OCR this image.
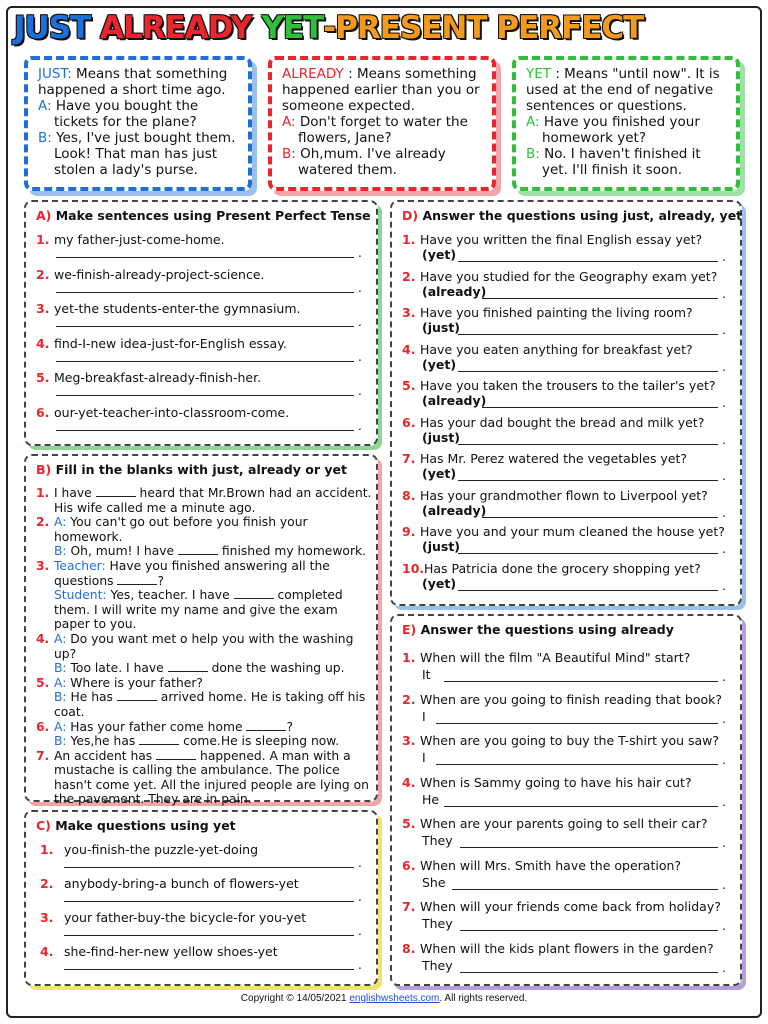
JUST ALREADY YET-PRESENT PERFECT

JUST: Means that something happened a short time ago.

A: Have you bought the

tickets for the plane?

B: Yes, I've just bought them.

Look! That man has just

stolen a lady's purse.

ALREADY : Means something happened earlier than you or someone expected.

A: Don't forget to water the

flowers, Jane?

B: Oh,mum. I've already

watered them.

YET : Means "until now". It is used at the end of negative sentences or questions.

A: Have you finished your

homework yet?

B: No. I haven't finished it

yet. I'll finish it soon.

A) Make sentences using Present Perfect Tense
1. my father-just-come-home.
.
2. we-finish-already-project-science.
.
3. yet-the students-enter-the gymnasium.
.
4. find-I-new idea-just-for-English essay.
.
5. Meg-breakfast-already-finish-her.
.
6. our-yet-teacher-into-classroom-come.
.
B) Fill in the blanks with just, already or yet
1. I have	heard that Mr.Brown had an accident. His wife called me a minute ago.
2. A: You can't go out before you finish your homework.
B: Oh, mum! I have	finished my homework.
3. Teacher: Have you finished answering all the questions	?
Student: Yes, teacher. I have	completed them. I will write my name and give the exam paper to you.
4. A: Do you want met o help you with the washing up?
B: Too late. I have	done the washing up.
5. A: Where is your father?
B: He has	arrived home. He is taking off his coat.
6. A: Has your father come home	?
B: Yes,he has	come.He is sleeping now.
7. An accident has	happened. A man with a mustache is calling the ambulance. The police hasn't come yet. All the injured people are lying on the pavement. They are in pain.
C) Make questions using yet
1. you-finish-the puzzle-yet-doing
.
2. anybody-bring-a bunch of flowers-yet
.
3. your father-buy-the bicycle-for you-yet
.
4. she-find-her-new yellow shoes-yet
.
D) Answer the questions using just, already, yet
1. Have you written the final English essay yet?
(yet)	.
2. Have you studied for the Geography exam yet?
(already)	.
3. Have you finished painting the living room?
(just)	.
4. Have you eaten anything for breakfast yet?
(yet)	.
5. Have you taken the trousers to the tailer's yet?
(already)	.
6. Has your dad bought the bread and milk yet?
(just)	.
7. Has Mr. Perez watered the vegetables yet?
(yet)	.
8. Has your grandmother flown to Liverpool yet?
(already)	.
9. Have you and your mum cleaned the house yet?
(just)	.
10.Has Patricia done the grocery shopping yet?
(yet)	.
E) Answer the questions using already
1. When will the film "A Beautiful Mind" start?
It	.
2. When are you going to finish reading that book?
I	.
3. When are you going to buy the T-shirt you saw?
I	.
4. When is Sammy going to have his hair cut?
He	.
5. When are your parents going to sell their car?
They	.
6. When will Mrs. Smith have the operation?
She	.
7. When will your friends come back from holiday?
They	.
8. When will the kids plant flowers in the garden?
They	.
Copyright © 14/05/2021 englishwsheets.com. All rights reserved.
